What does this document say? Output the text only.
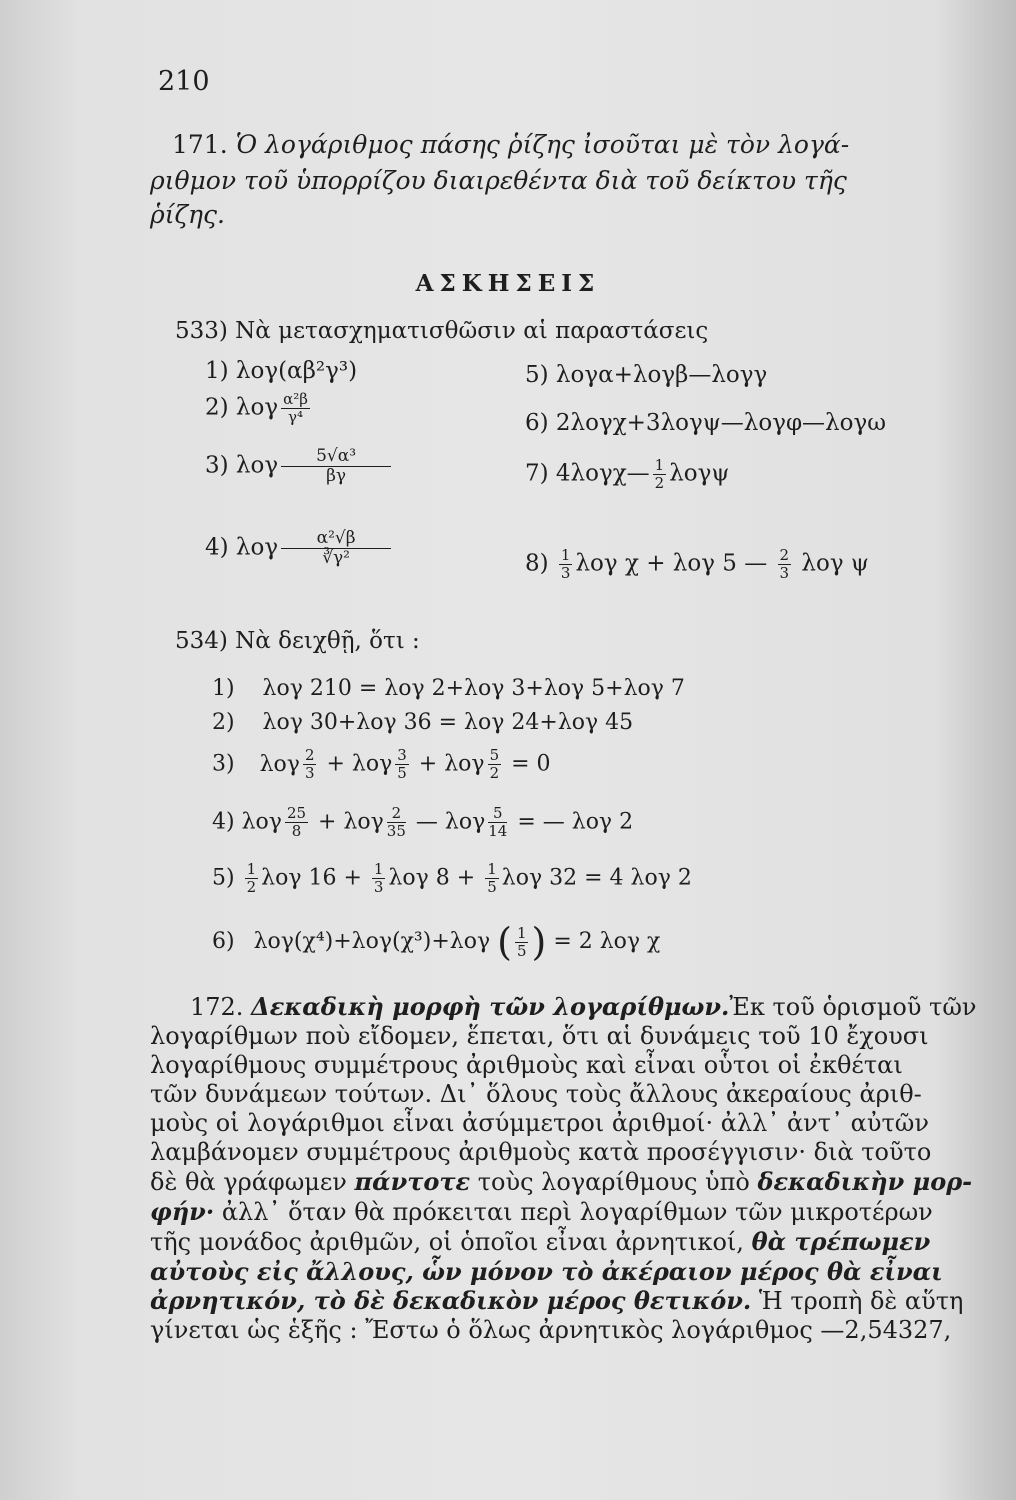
210
171. Ὁ λογάριθμος πάσης ῥίζης ἰσοῦται μὲ τὸν λογά-
ριθμον τοῦ ὑπορρίζου διαιρεθέντα διὰ τοῦ δείκτου τῆς
ῥίζης.
ΑΣΚΗΣΕΙΣ
533) Νὰ μετασχηματισθῶσιν αἱ παραστάσεις
1) λογ(αβ²γ³)
2) λογ $\frac{\text{α²β}}{\text{γ⁴}}$
3) λογ $\frac{\text{5√α³}}{\beta\gamma}$
4) λογ $\frac{\text{α²√β}}{\text{∛γ²}}$
5) λογα+λογβ—λογγ
6) 2λογχ+3λογψ—λογφ—λογω
7) 4λογχ— $\frac{1}{2}$ λογψ
$8) \frac{1}{3}$ λογ χ + λογ 5 — $\frac{2}{3}$ λογ ψ
534) Νὰ δειχθῇ, ὅτι :
1)    λογ 210 = λογ 2+λογ 3+λογ 5+λογ 7
2)    λογ 30+λογ 36 = λογ 24+λογ 45
3) λογ $\frac{2}{3} + \lambda o\gamma \frac{3}{5} + \lambda o\gamma \frac{5}{2} = 0$
4) λογ $\frac{25}{8} + \lambda o\gamma \frac{2}{35}$ — λογ $\frac{5}{14}$ = — λογ 2
$5) \frac{1}{2}$ λογ $16 + \frac{1}{3}$ λογ $8 + \frac{1}{5}$ λογ 32 = 4 λογ 2
6) λογ(χ⁴)+λογ(χ³)+λογ ( $\frac{1}{5}$ ) = 2 λογ χ

172. Δεκαδικὴ μορφὴ τῶν λογαρίθμων.Ἐκ τοῦ ὁρισμοῦ τῶν

λογαρίθμων ποὺ εἴδομεν, ἕπεται, ὅτι αἱ δυνάμεις τοῦ 10 ἔχουσι

λογαρίθμους συμμέτρους ἀριθμοὺς καὶ εἶναι οὗτοι οἱ ἐκθέται

τῶν δυνάμεων τούτων. Δι᾿ ὅλους τοὺς ἄλλους ἀκεραίους ἀριθ-

μοὺς οἱ λογάριθμοι εἶναι ἀσύμμετροι ἀριθμοί· ἀλλ᾿ ἀντ᾿ αὐτῶν

λαμβάνομεν συμμέτρους ἀριθμοὺς κατὰ προσέγγισιν· διὰ τοῦτο

δὲ θὰ γράφωμεν πάντοτε τοὺς λογαρίθμους ὑπὸ δεκαδικὴν μορ-

φήν· ἀλλ᾿ ὅταν θὰ πρόκειται περὶ λογαρίθμων τῶν μικροτέρων

τῆς μονάδος ἀριθμῶν, οἱ ὁποῖοι εἶναι ἀρνητικοί, θὰ τρέπωμεν

αὐτοὺς εἰς ἄλλους, ὧν μόνον τὸ ἀκέραιον μέρος θὰ εἶναι

ἀρνητικόν, τὸ δὲ δεκαδικὸν μέρος θετικόν. Ἡ τροπὴ δὲ αὕτη

γίνεται ὡς ἑξῆς : Ἔστω ὁ ὅλως ἀρνητικὸς λογάριθμος —2,54327,
